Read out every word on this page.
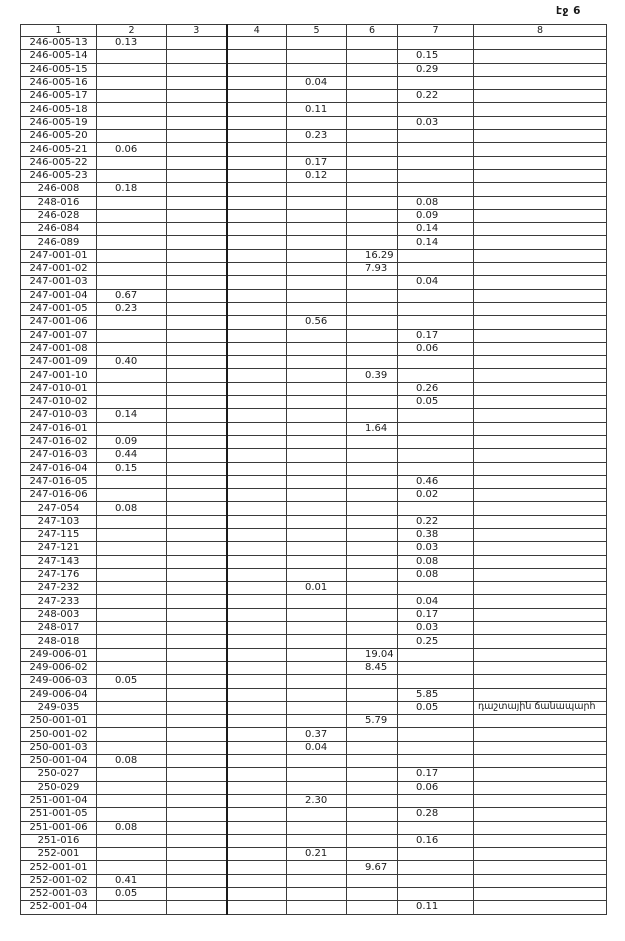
էջ 6
1	2	3	4	5	6	7	8
246-005-13	0.13						
246-005-14						0.15	
246-005-15						0.29	
246-005-16				0.04			
246-005-17						0.22	
246-005-18				0.11			
246-005-19						0.03	
246-005-20				0.23			
246-005-21	0.06						
246-005-22				0.17			
246-005-23				0.12			
246-008	0.18						
248-016						0.08	
246-028						0.09	
246-084						0.14	
246-089						0.14	
247-001-01					16.29		
247-001-02					7.93		
247-001-03						0.04	
247-001-04	0.67						
247-001-05	0.23						
247-001-06				0.56			
247-001-07						0.17	
247-001-08						0.06	
247-001-09	0.40						
247-001-10					0.39		
247-010-01						0.26	
247-010-02						0.05	
247-010-03	0.14						
247-016-01					1.64		
247-016-02	0.09						
247-016-03	0.44						
247-016-04	0.15						
247-016-05						0.46	
247-016-06						0.02	
247-054	0.08						
247-103						0.22	
247-115						0.38	
247-121						0.03	
247-143						0.08	
247-176						0.08	
247-232				0.01			
247-233						0.04	
248-003						0.17	
248-017						0.03	
248-018						0.25	
249-006-01					19.04		
249-006-02					8.45		
249-006-03	0.05						
249-006-04						5.85	
249-035						0.05	դաշտային ճանապարհ

250-001-01					5.79		
250-001-02				0.37			
250-001-03				0.04			
250-001-04	0.08						
250-027						0.17	
250-029						0.06	
251-001-04				2.30			
251-001-05						0.28	
251-001-06	0.08						
251-016						0.16	
252-001				0.21			
252-001-01					9.67		
252-001-02	0.41						
252-001-03	0.05						
252-001-04						0.11	
